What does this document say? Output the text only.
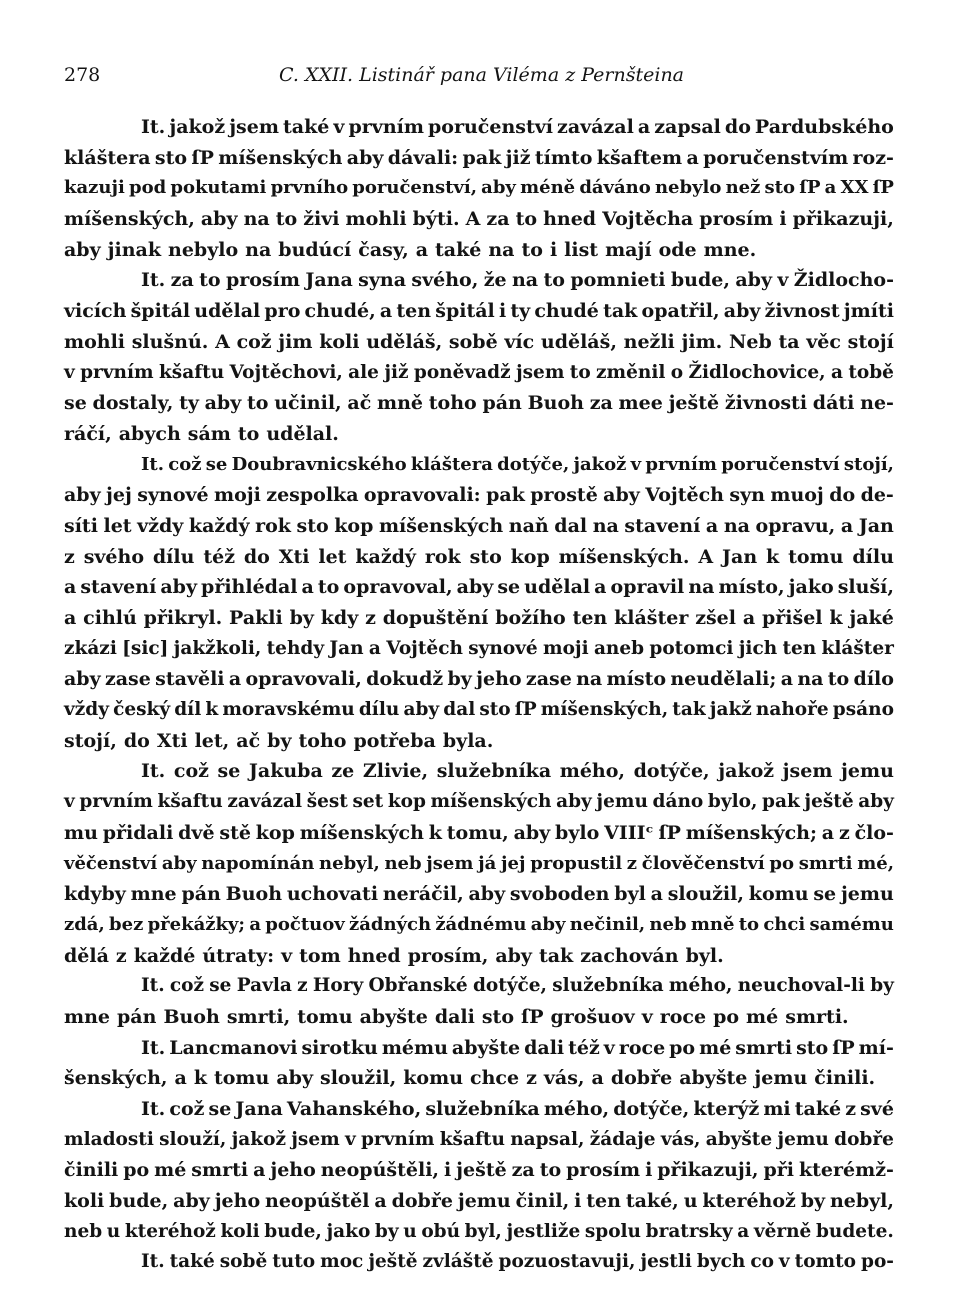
278	C. XXII. Listinář pana Viléma z Pernšteina
It. jakož jsem také v prvním poručenství zavázal a zapsal do Pardubského
kláštera sto ſP míšenských aby dávali: pak již tímto kšaftem a poručenstvím roz-
kazuji pod pokutami prvního poručenství, aby méně dáváno nebylo než sto ſP a XX ſP
míšenských, aby na to živi mohli býti. A za to hned Vojtěcha prosím i přikazuji,
aby jinak nebylo na budúcí časy, a také na to i list mají ode mne.
It. za to prosím Jana syna svého, že na to pomnieti bude, aby v Židlocho-
vicích špitál udělal pro chudé, a ten špitál i ty chudé tak opatřil, aby živnost jmíti
mohli slušnú. A což jim koli uděláš, sobě víc uděláš, nežli jim. Neb ta věc stojí
v prvním kšaftu Vojtěchovi, ale již poněvadž jsem to změnil o Židlochovice, a tobě
se dostaly, ty aby to učinil, ač mně toho pán Buoh za mee ještě živnosti dáti ne-
ráčí, abych sám to udělal.
It. což se Doubravnicského kláštera dotýče, jakož v prvním poručenství stojí,
aby jej synové moji zespolka opravovali: pak prostě aby Vojtěch syn muoj do de-
síti let vždy každý rok sto kop míšenských naň dal na stavení a na opravu, a Jan
z svého dílu též do Xti let každý rok sto kop míšenských. A Jan k tomu dílu
a stavení aby přihlédal a to opravoval, aby se udělal a opravil na místo, jako sluší,
a cihlú přikryl. Pakli by kdy z dopuštění božího ten klášter zšel a přišel k jaké
zkázi [sic] jakžkoli, tehdy Jan a Vojtěch synové moji aneb potomci jich ten klášter
aby zase stavěli a opravovali, dokudž by jeho zase na místo neudělali; a na to dílo
vždy český díl k moravskému dílu aby dal sto ſP míšenských, tak jakž nahoře psáno
stojí, do Xti let, ač by toho potřeba byla.
It. což se Jakuba ze Zlivie, služebníka mého, dotýče, jakož jsem jemu
v prvním kšaftu zavázal šest set kop míšenských aby jemu dáno bylo, pak ještě aby
mu přidali dvě stě kop míšenských k tomu, aby bylo VIIIᶜ ſP míšenských; a z člo-
věčenství aby napomínán nebyl, neb jsem já jej propustil z člověčenství po smrti mé,
kdyby mne pán Buoh uchovati neráčil, aby svoboden byl a sloužil, komu se jemu
zdá, bez překážky; a počtuov žádných žádnému aby nečinil, neb mně to chci samému
dělá z každé útraty: v tom hned prosím, aby tak zachován byl.
It. což se Pavla z Hory Obřanské dotýče, služebníka mého, neuchoval-li by
mne pán Buoh smrti, tomu abyšte dali sto ſP grošuov v roce po mé smrti.
It. Lancmanovi sirotku mému abyšte dali též v roce po mé smrti sto ſP mí-
šenských, a k tomu aby sloužil, komu chce z vás, a dobře abyšte jemu činili.
It. což se Jana Vahanského, služebníka mého, dotýče, kterýž mi také z své
mladosti slouží, jakož jsem v prvním kšaftu napsal, žádaje vás, abyšte jemu dobře
činili po mé smrti a jeho neopúštěli, i ještě za to prosím i přikazuji, při kterémž-
koli bude, aby jeho neopúštěl a dobře jemu činil, i ten také, u kteréhož by nebyl,
neb u kteréhož koli bude, jako by u obú byl, jestliže spolu bratrsky a věrně budete.
It. také sobě tuto moc ještě zvláště pozuostavuji, jestli bych co v tomto po-
